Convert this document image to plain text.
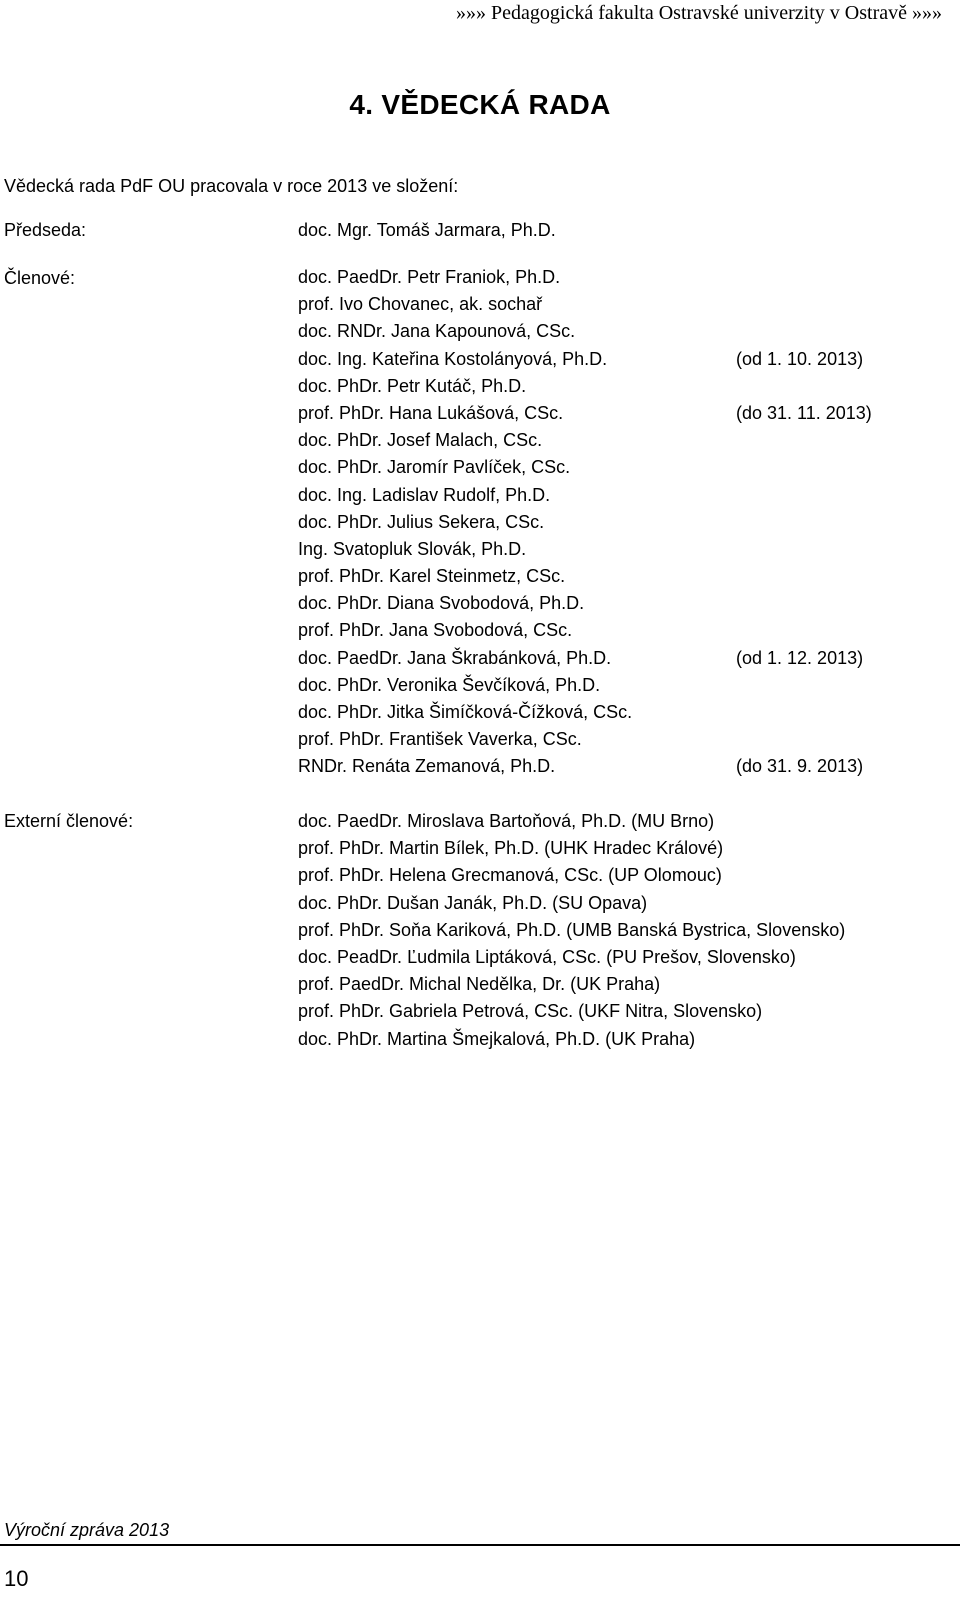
»»» Pedagogická fakulta Ostravské univerzity v Ostravě »»»
4. VĚDECKÁ RADA
Vědecká rada PdF OU pracovala v roce 2013 ve složení:
Předseda:	doc. Mgr. Tomáš Jarmara, Ph.D.
Členové:	doc. PaedDr. Petr Franiok, Ph.D.
prof. Ivo Chovanec, ak. sochař
doc. RNDr. Jana Kapounová, CSc.
doc. Ing. Kateřina Kostolányová, Ph.D.	(od 1. 10. 2013)
doc. PhDr. Petr Kutáč, Ph.D.
prof. PhDr. Hana Lukášová, CSc.	(do 31. 11. 2013)
doc. PhDr. Josef Malach, CSc.
doc. PhDr. Jaromír Pavlíček, CSc.
doc. Ing. Ladislav Rudolf, Ph.D.
doc. PhDr. Julius Sekera, CSc.
Ing. Svatopluk Slovák, Ph.D.
prof. PhDr. Karel Steinmetz, CSc.
doc. PhDr. Diana Svobodová, Ph.D.
prof. PhDr. Jana Svobodová, CSc.
doc. PaedDr. Jana Škrabánková, Ph.D.	(od 1. 12. 2013)
doc. PhDr. Veronika Ševčíková, Ph.D.
doc. PhDr. Jitka Šimíčková-Čížková, CSc.
prof. PhDr. František Vaverka, CSc.
RNDr. Renáta Zemanová, Ph.D.	(do 31. 9. 2013)
Externí členové:	doc. PaedDr. Miroslava Bartoňová, Ph.D. (MU Brno)
prof. PhDr. Martin Bílek, Ph.D. (UHK Hradec Králové)
prof. PhDr. Helena Grecmanová, CSc. (UP Olomouc)
doc. PhDr. Dušan Janák, Ph.D. (SU Opava)
prof. PhDr. Soňa Kariková, Ph.D. (UMB Banská Bystrica, Slovensko)
doc. PeadDr. Ľudmila Liptáková, CSc. (PU Prešov, Slovensko)
prof. PaedDr. Michal Nedělka, Dr. (UK Praha)
prof. PhDr. Gabriela Petrová, CSc. (UKF Nitra, Slovensko)
doc. PhDr. Martina Šmejkalová, Ph.D. (UK Praha)
Výroční zpráva 2013
10
